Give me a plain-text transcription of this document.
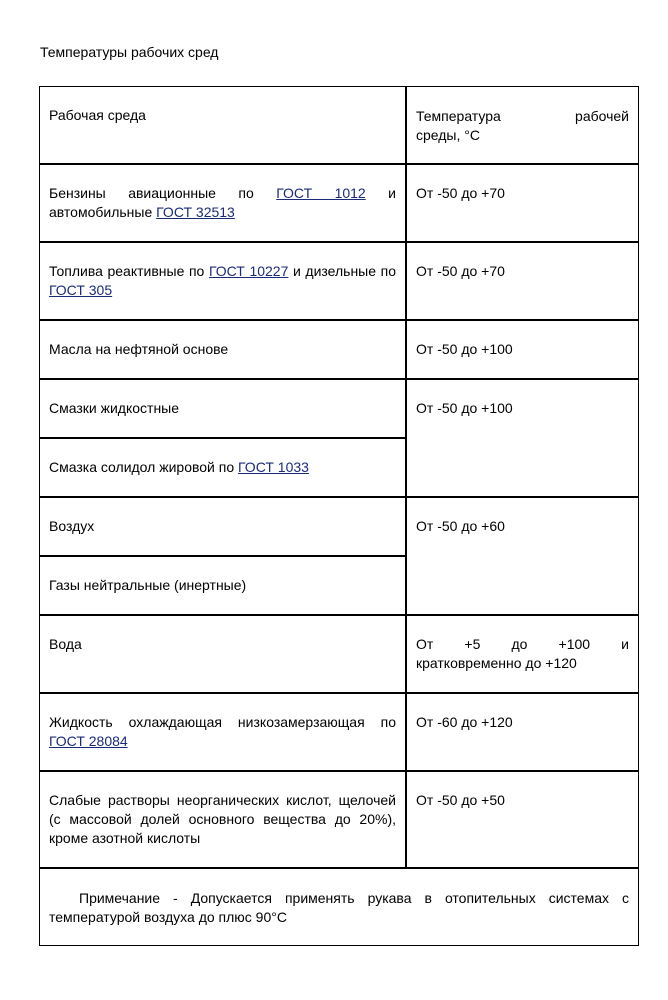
Температуры рабочих сред
Рабочая среда	Температура рабочей
среды, °С

Бензины авиационные по ГОСТ 1012 и автомобильные ГОСТ 32513	От -50 до +70
Топлива реактивные по ГОСТ 10227 и дизельные по ГОСТ 305	От -50 до +70
Масла на нефтяной основе	От -50 до +100
Смазки жидкостные	От -50 до +100
Смазка солидол жировой по ГОСТ 1033	
Воздух	От -50 до +60
Газы нейтральные (инертные)	
Вода	От +5 до +100 и
кратковременно до +120

Жидкость охлаждающая низкозамерзающая по ГОСТ 28084	От -60 до +120
Слабые растворы неорганических кислот, щелочей (с массовой долей основного вещества до 20%), кроме азотной кислоты	От -50 до +50
Примечание - Допускается применять рукава в отопительных системах с температурой воздуха до плюс 90°С	
